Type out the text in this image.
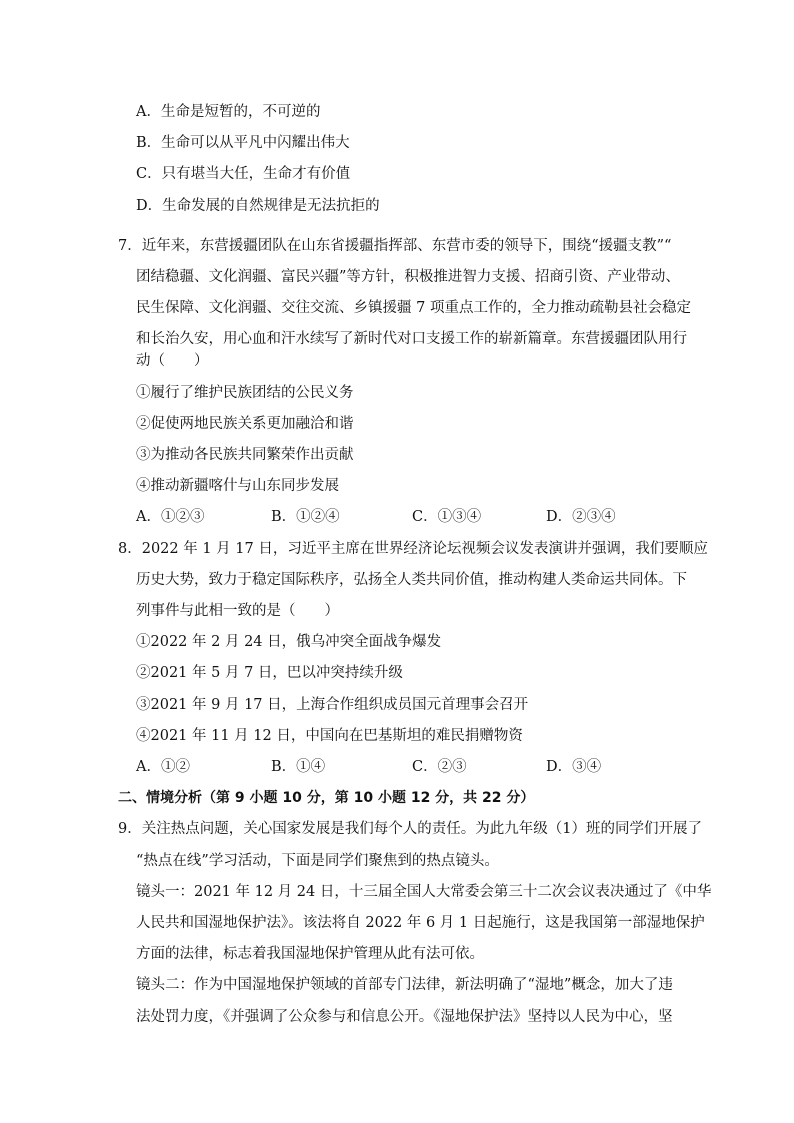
A．生命是短暂的，不可逆的
B．生命可以从平凡中闪耀出伟大
C．只有堪当大任，生命才有价值
D．生命发展的自然规律是无法抗拒的
7．近年来，东营援疆团队在山东省援疆指挥部、东营市委的领导下，围绕“援疆支教”“
团结稳疆、文化润疆、富民兴疆”等方针，积极推进智力支援、招商引资、产业带动、
民生保障、文化润疆、交往交流、乡镇援疆 7 项重点工作的，全力推动疏勒县社会稳定
和长治久安，用心血和汗水续写了新时代对口支援工作的崭新篇章。东营援疆团队用行
动（　　）
①履行了维护民族团结的公民义务
②促使两地民族关系更加融洽和谐
③为推动各民族共同繁荣作出贡献
④推动新疆喀什与山东同步发展
A．①②③	B．①②④	C．①③④	D．②③④
8．2022 年 1 月 17 日，习近平主席在世界经济论坛视频会议发表演讲并强调，我们要顺应
历史大势，致力于稳定国际秩序，弘扬全人类共同价值，推动构建人类命运共同体。下
列事件与此相一致的是（　　）
①2022 年 2 月 24 日，俄乌冲突全面战争爆发
②2021 年 5 月 7 日，巴以冲突持续升级
③2021 年 9 月 17 日，上海合作组织成员国元首理事会召开
④2021 年 11 月 12 日，中国向在巴基斯坦的难民捐赠物资
A．①②	B．①④	C．②③	D．③④
二、情境分析（第 9 小题 10 分，第 10 小题 12 分，共 22 分）
9．关注热点问题，关心国家发展是我们每个人的责任。为此九年级（1）班的同学们开展了
“热点在线”学习活动，下面是同学们聚焦到的热点镜头。
镜头一：2021 年 12 月 24 日，十三届全国人大常委会第三十二次会议表决通过了《中华
人民共和国湿地保护法》。该法将自 2022 年 6 月 1 日起施行，这是我国第一部湿地保护
方面的法律，标志着我国湿地保护管理从此有法可依。
镜头二：作为中国湿地保护领域的首部专门法律，新法明确了“湿地”概念，加大了违
法处罚力度，《并强调了公众参与和信息公开。《湿地保护法》坚持以人民为中心，坚
